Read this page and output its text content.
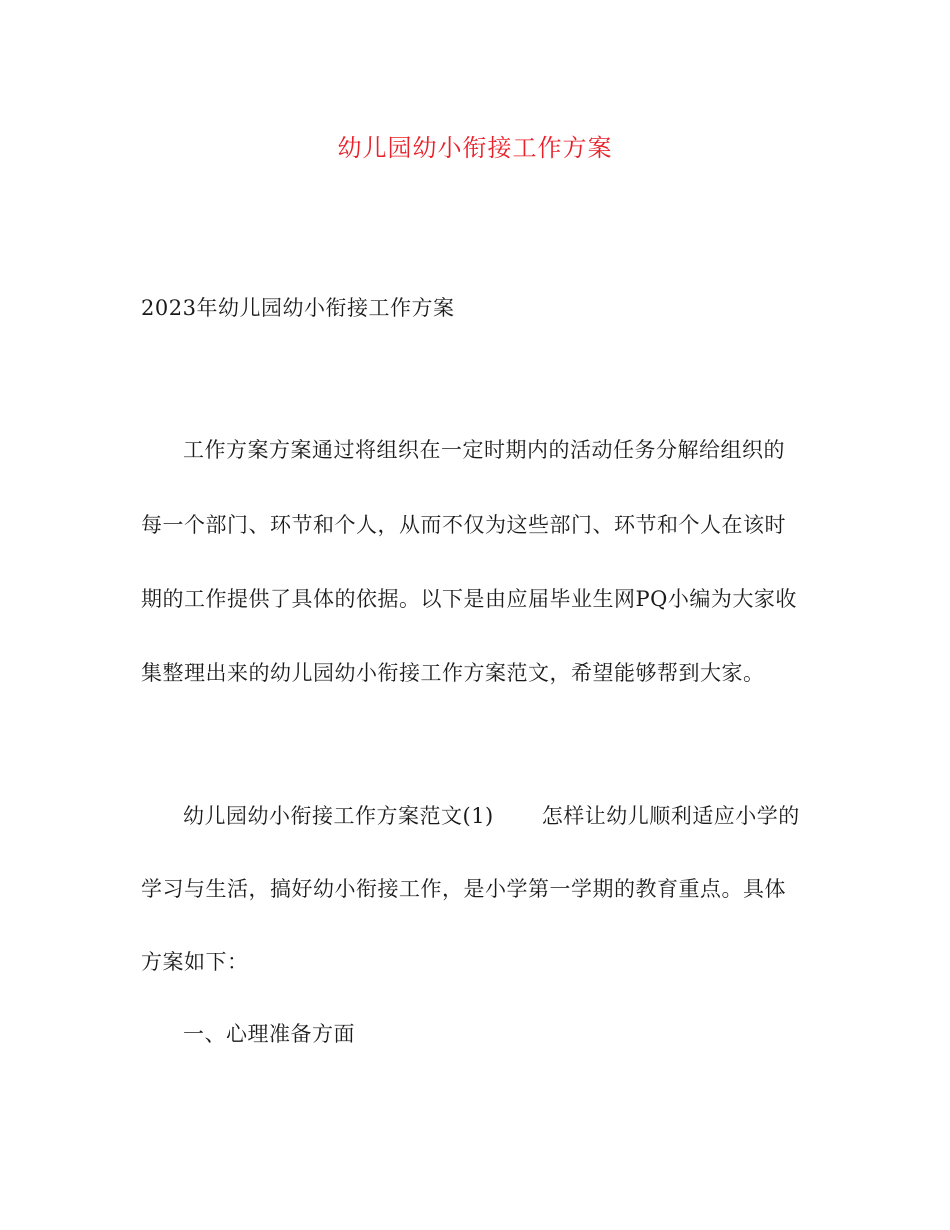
幼儿园幼小衔接工作方案
2023年幼儿园幼小衔接工作方案
工作方案方案通过将组织在一定时期内的活动任务分解给组织的
每一个部门、环节和个人，从而不仅为这些部门、环节和个人在该时
期的工作提供了具体的依据。以下是由应届毕业生网PQ小编为大家收
集整理出来的幼儿园幼小衔接工作方案范文，希望能够帮到大家。
幼儿园幼小衔接工作方案范文(1) 怎样让幼儿顺利适应小学的
学习与生活，搞好幼小衔接工作，是小学第一学期的教育重点。具体
方案如下：
一、心理准备方面
